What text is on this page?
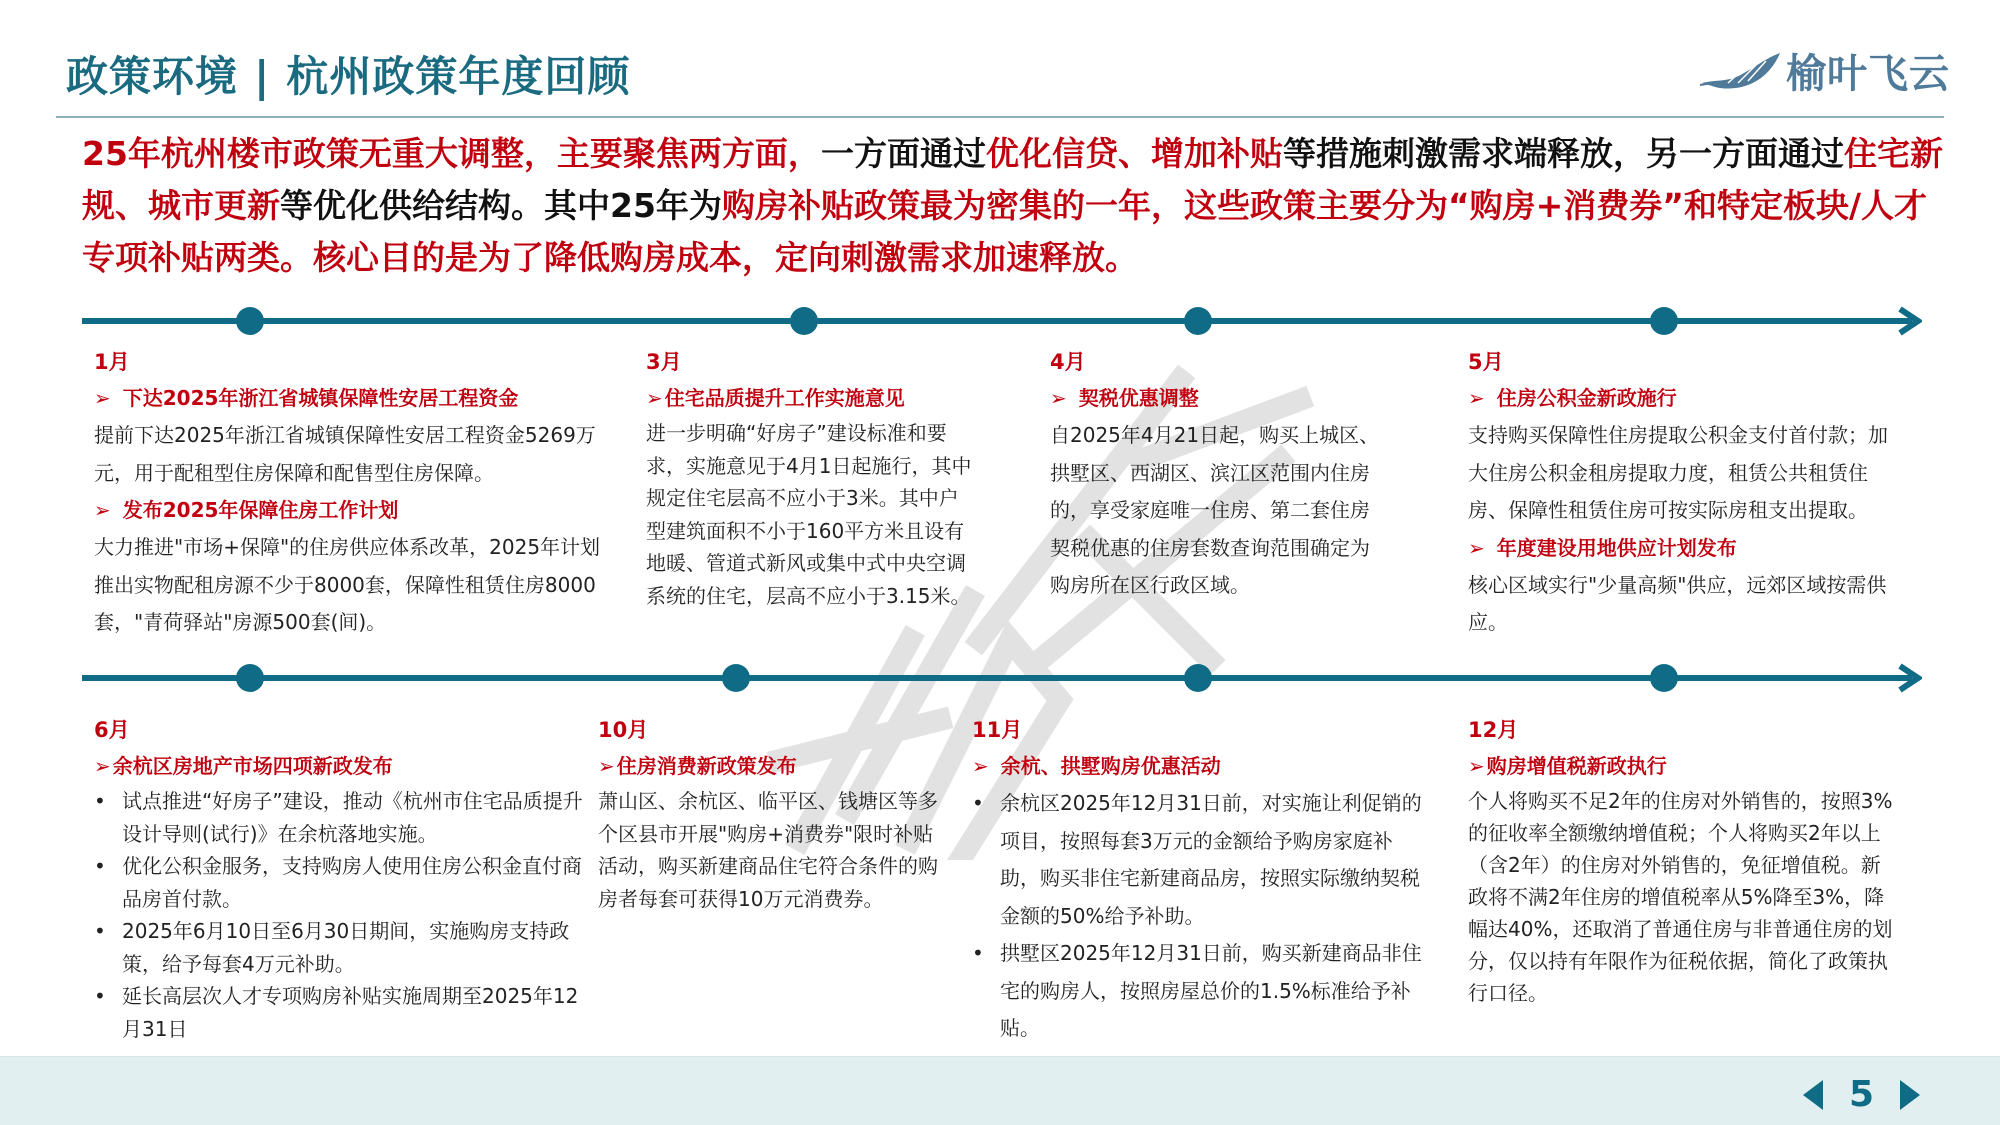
政策环境 | 杭州政策年度回顾	榆叶飞云
25年杭州楼市政策无重大调整，主要聚焦两方面，一方面通过优化信贷、增加补贴等措施刺激需求端释放，另一方面通过住宅新规、城市更新等优化供给结构。其中25年为购房补贴政策最为密集的一年，这些政策主要分为“购房+消费券”和特定板块/人才专项补贴两类。核心目的是为了降低购房成本，定向刺激需求加速释放。
1月
➢ 下达2025年浙江省城镇保障性安居工程资金
提前下达2025年浙江省城镇保障性安居工程资金5269万元，用于配租型住房保障和配售型住房保障。
➢ 发布2025年保障住房工作计划
大力推进"市场+保障"的住房供应体系改革，2025年计划推出实物配租房源不少于8000套，保障性租赁住房8000套，"青荷驿站"房源500套(间)。
3月
➢ 住宅品质提升工作实施意见
进一步明确“好房子”建设标准和要求，实施意见于4月1日起施行，其中规定住宅层高不应小于3米。其中户型建筑面积不小于160平方米且设有地暖、管道式新风或集中式中央空调系统的住宅，层高不应小于3.15米。
4月
➢ 契税优惠调整
自2025年4月21日起，购买上城区、拱墅区、西湖区、滨江区范围内住房的，享受家庭唯一住房、第二套住房契税优惠的住房套数查询范围确定为购房所在区行政区域。
5月
➢ 住房公积金新政施行
支持购买保障性住房提取公积金支付首付款；加大住房公积金租房提取力度，租赁公共租赁住房、保障性租赁住房可按实际房租支出提取。
➢ 年度建设用地供应计划发布
核心区域实行"少量高频"供应，远郊区域按需供应。
6月
➢ 余杭区房地产市场四项新政发布
• 试点推进“好房子”建设，推动《杭州市住宅品质提升设计导则(试行)》在余杭落地实施。
• 优化公积金服务，支持购房人使用住房公积金直付商品房首付款。
• 2025年6月10日至6月30日期间，实施购房支持政策，给予每套4万元补助。
• 延长高层次人才专项购房补贴实施周期至2025年12月31日
10月
➢ 住房消费新政策发布
萧山区、余杭区、临平区、钱塘区等多个区县市开展"购房+消费券"限时补贴活动，购买新建商品住宅符合条件的购房者每套可获得10万元消费券。
11月
➢ 余杭、拱墅购房优惠活动
• 余杭区2025年12月31日前，对实施让利促销的项目，按照每套3万元的金额给予购房家庭补助，购买非住宅新建商品房，按照实际缴纳契税金额的50%给予补助。
• 拱墅区2025年12月31日前，购买新建商品非住宅的购房人，按照房屋总价的1.5%标准给予补贴。
12月
➢ 购房增值税新政执行
个人将购买不足2年的住房对外销售的，按照3%的征收率全额缴纳增值税；个人将购买2年以上（含2年）的住房对外销售的，免征增值税。新政将不满2年住房的增值税率从5%降至3%，降幅达40%，还取消了普通住房与非普通住房的划分，仅以持有年限作为征税依据，简化了政策执行口径。
5
